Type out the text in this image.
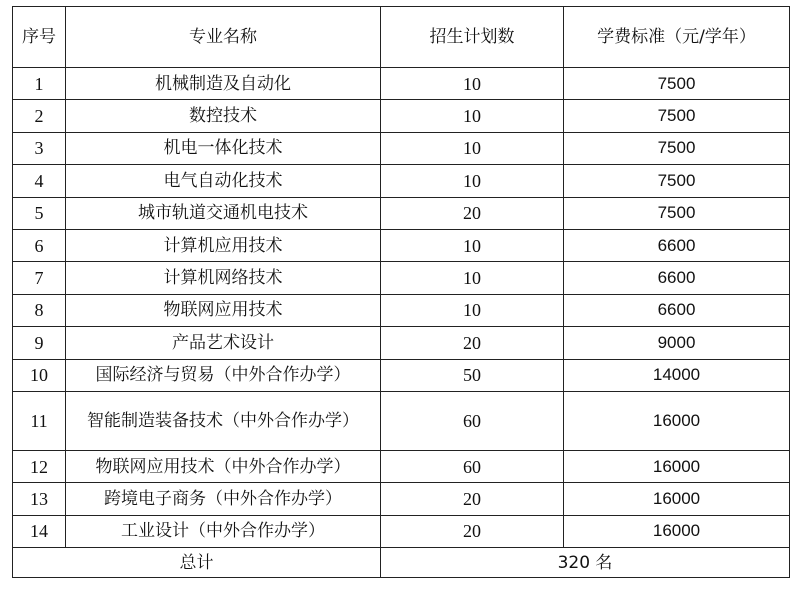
序号	专业名称	招生计划数	学费标准（元/学年）
1	机械制造及自动化	10	7500
2	数控技术	10	7500
3	机电一体化技术	10	7500
4	电气自动化技术	10	7500
5	城市轨道交通机电技术	20	7500
6	计算机应用技术	10	6600
7	计算机网络技术	10	6600
8	物联网应用技术	10	6600
9	产品艺术设计	20	9000
10	国际经济与贸易（中外合作办学）	50	14000
11	智能制造装备技术（中外合作办学）	60	16000
12	物联网应用技术（中外合作办学）	60	16000
13	跨境电子商务（中外合作办学）	20	16000
14	工业设计（中外合作办学）	20	16000
总计		320 名	
